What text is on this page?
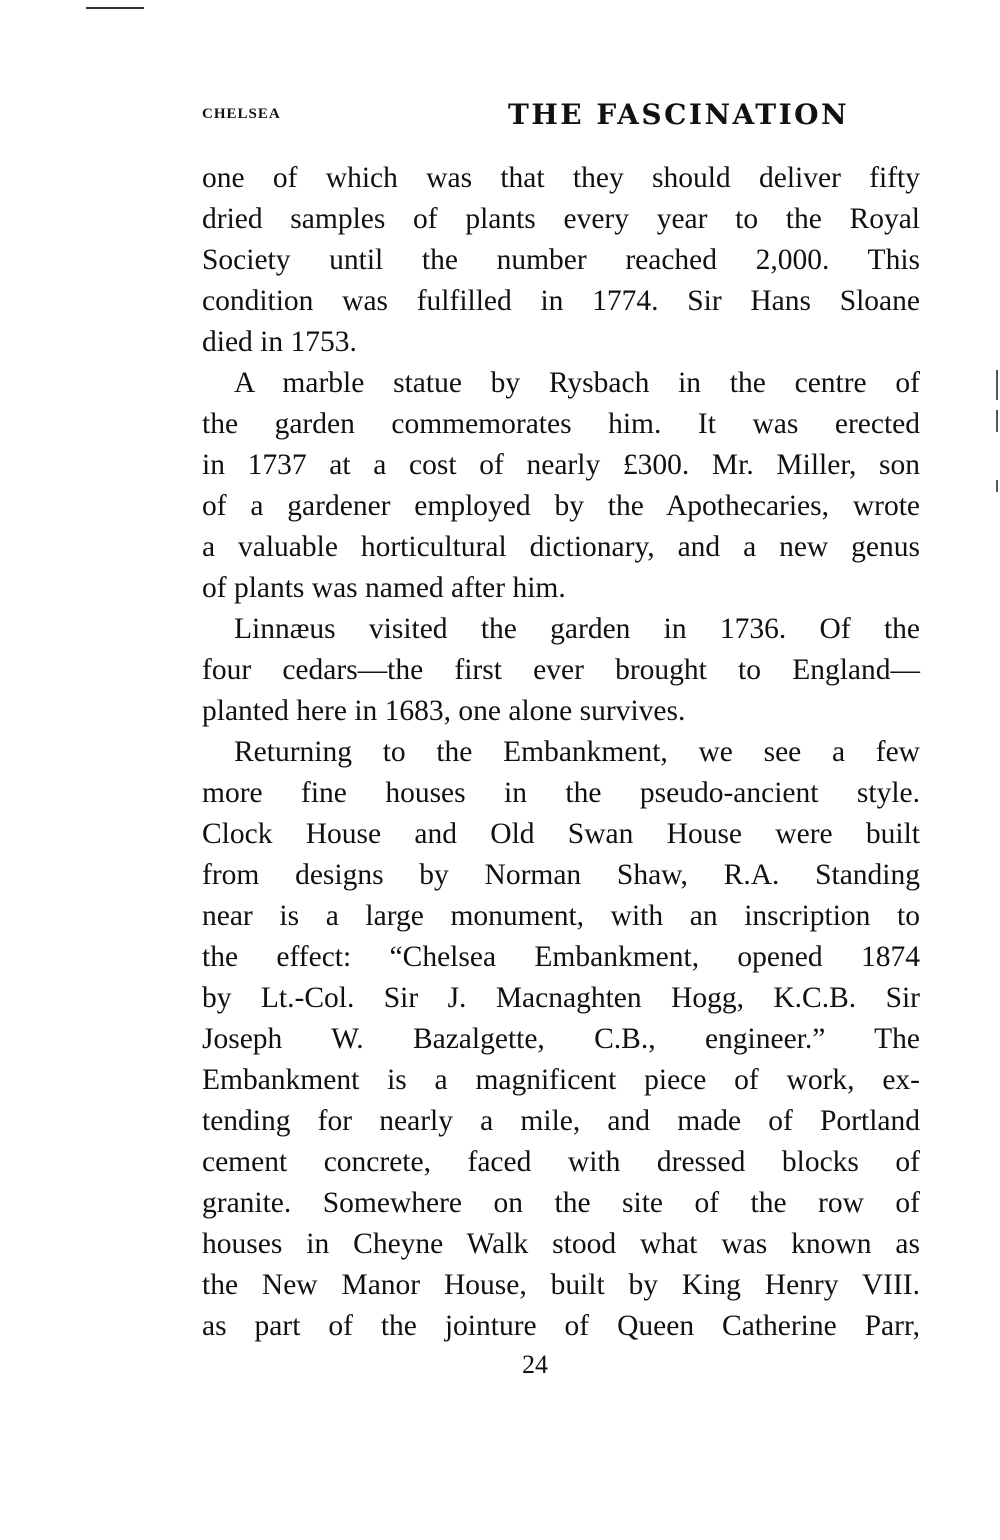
CHELSEA	THE FASCINATION
one of which was that they should deliver fifty
dried samples of plants every year to the Royal
Society until the number reached 2,000. This
condition was fulfilled in 1774. Sir Hans Sloane
died in 1753.
A marble statue by Rysbach in the centre of
the garden commemorates him. It was erected
in 1737 at a cost of nearly £300. Mr. Miller, son
of a gardener employed by the Apothecaries, wrote
a valuable horticultural dictionary, and a new genus
of plants was named after him.
Linnæus visited the garden in 1736. Of the
four cedars—the first ever brought to England—
planted here in 1683, one alone survives.
Returning to the Embankment, we see a few
more fine houses in the pseudo-ancient style.
Clock House and Old Swan House were built
from designs by Norman Shaw, R.A. Standing
near is a large monument, with an inscription to
the effect: “Chelsea Embankment, opened 1874
by Lt.-Col. Sir J. Macnaghten Hogg, K.C.B. Sir
Joseph W. Bazalgette, C.B., engineer.” The
Embankment is a magnificent piece of work, ex-
tending for nearly a mile, and made of Portland
cement concrete, faced with dressed blocks of
granite. Somewhere on the site of the row of
houses in Cheyne Walk stood what was known as
the New Manor House, built by King Henry VIII.
as part of the jointure of Queen Catherine Parr,
24
